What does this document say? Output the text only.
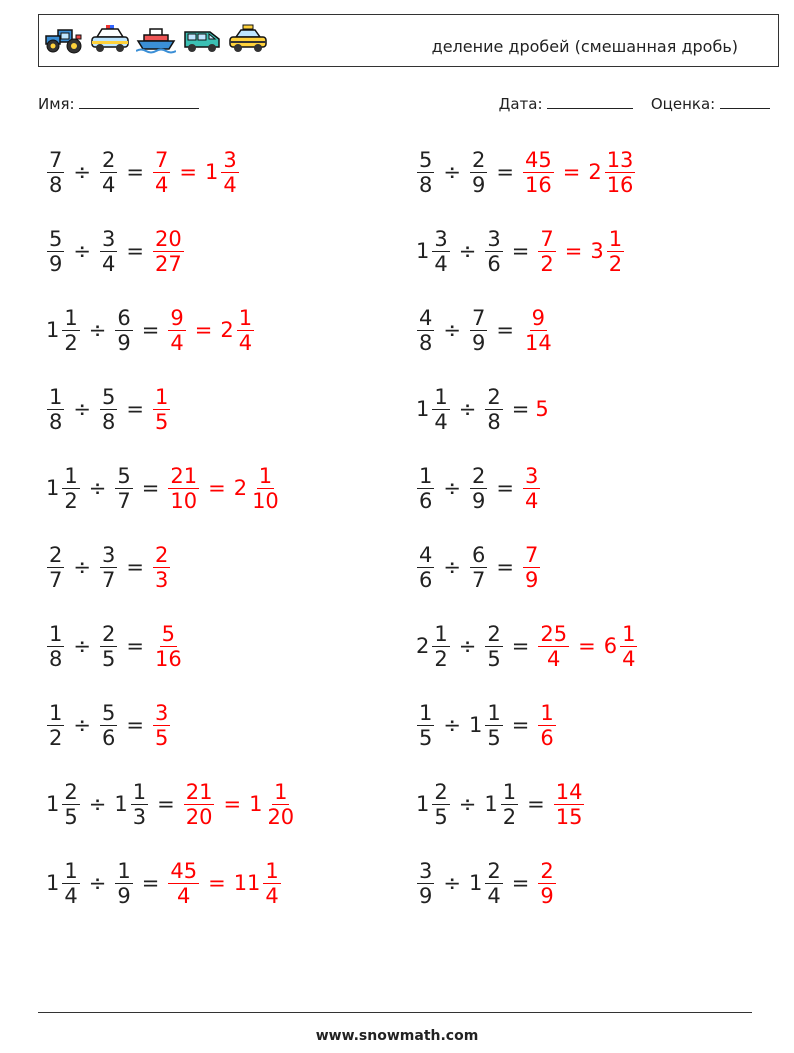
деление дробей (смешанная дробь)
Имя:	Дата:	Оценка:
$\frac{7}{8} \div \frac{2}{4} = \frac{7}{4} = 1 \frac{3}{4}$
$\frac{5}{9} \div \frac{3}{4} = \frac{20}{27}$
$1 \frac{1}{2} \div \frac{6}{9} = \frac{9}{4} = 2 \frac{1}{4}$
$\frac{1}{8} \div \frac{5}{8} = \frac{1}{5}$
$1 \frac{1}{2} \div \frac{5}{7} = \frac{21}{10} = 2 \frac{1}{10}$
$\frac{2}{7} \div \frac{3}{7} = \frac{2}{3}$
$\frac{1}{8} \div \frac{2}{5} = \frac{5}{16}$
$\frac{1}{2} \div \frac{5}{6} = \frac{3}{5}$
$1 \frac{2}{5} \div 1 \frac{1}{3} = \frac{21}{20} = 1 \frac{1}{20}$
$1 \frac{1}{4} \div \frac{1}{9} = \frac{45}{4} = 11 \frac{1}{4}$
$\frac{5}{8} \div \frac{2}{9} = \frac{45}{16} = 2 \frac{13}{16}$
$1 \frac{3}{4} \div \frac{3}{6} = \frac{7}{2} = 3 \frac{1}{2}$
$\frac{4}{8} \div \frac{7}{9} = \frac{9}{14}$
$1 \frac{1}{4} \div \frac{2}{8} = 5$
$\frac{1}{6} \div \frac{2}{9} = \frac{3}{4}$
$\frac{4}{6} \div \frac{6}{7} = \frac{7}{9}$
$2 \frac{1}{2} \div \frac{2}{5} = \frac{25}{4} = 6 \frac{1}{4}$
$\frac{1}{5} \div 1 \frac{1}{5} = \frac{1}{6}$
$1 \frac{2}{5} \div 1 \frac{1}{2} = \frac{14}{15}$
$\frac{3}{9} \div 1 \frac{2}{4} = \frac{2}{9}$
www.snowmath.com
